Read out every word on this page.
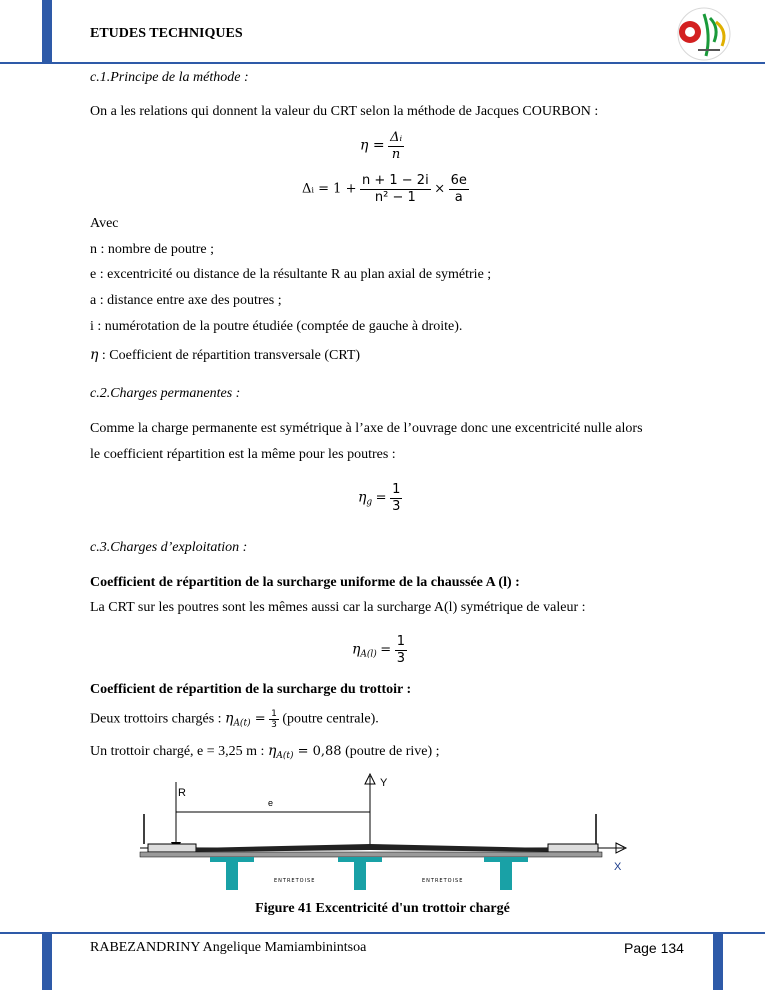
ETUDES TECHNIQUES
c.1.Principe de la méthode :
On a les relations qui donnent la valeur du CRT selon la méthode de Jacques COURBON :
$\eta = \frac{\text{Δᵢ}}{n}$
Δᵢ = $1 + \frac{n + 1 - 2i}{\text{n² − 1}} \times \frac{6e}{a}$
Avec
n : nombre de poutre ;
e : excentricité ou distance de la résultante R au plan axial de symétrie ;
a : distance entre axe des poutres ;
i : numérotation de la poutre étudiée (comptée de gauche à droite).
η : Coefficient de répartition transversale (CRT)
c.2.Charges permanentes :
Comme la charge permanente est symétrique à l’axe de l’ouvrage donc une excentricité nulle alors
le coefficient répartition est la même pour les poutres :
$\eta_g = \frac{1}{3}$
c.3.Charges d’exploitation :
Coefficient de répartition de la surcharge uniforme de la chaussée A (l) :
La CRT sur les poutres sont les mêmes aussi car la surcharge A(l) symétrique de valeur :
$\eta_{A(l)} = \frac{1}{3}$
Coefficient de répartition de la surcharge du trottoir :
Deux trottoirs chargés : $\eta_{A(t)} = \frac{1}{3}$ (poutre centrale).
Un trottoir chargé, e = 3,25 m : $\eta_{A(t)} = 0,88$ (poutre de rive) ;
R
e
Y
X
ENTRETOISE	ENTRETOISE
Figure 41 Excentricité d'un trottoir chargé
RABEZANDRINY Angelique Mamiambinintsoa	Page 134
